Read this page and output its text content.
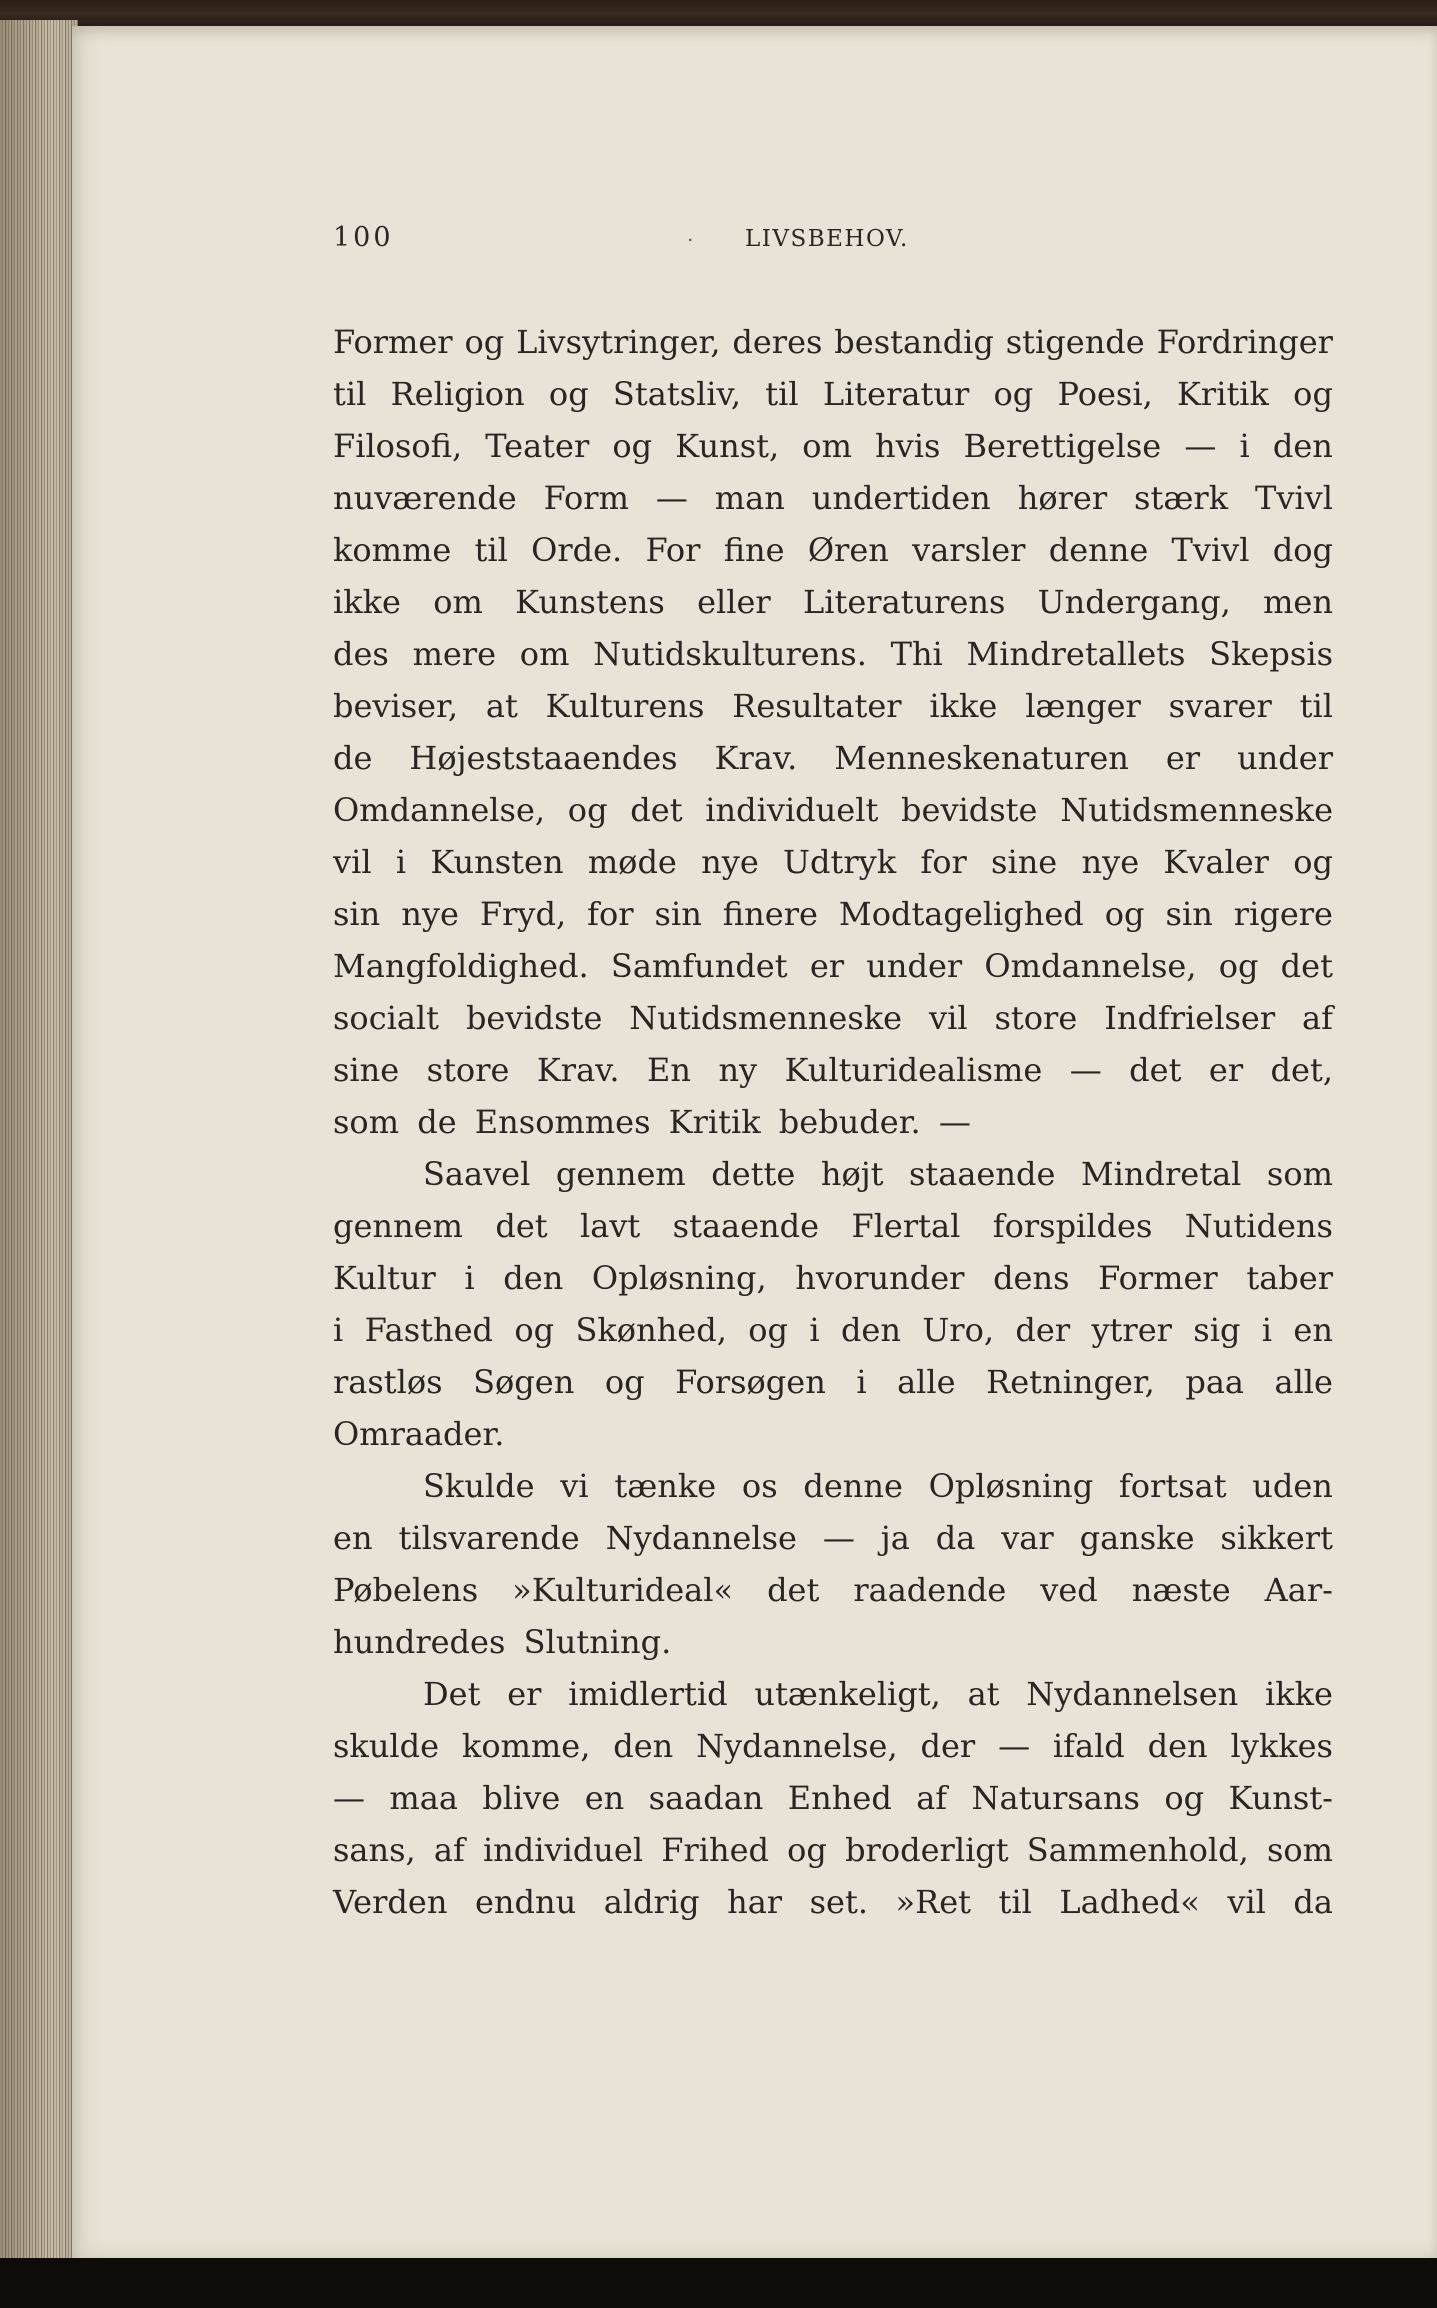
100	. LIVSBEHOV.
Former og Livsytringer, deres bestandig stigende Fordringer
til Religion og Statsliv, til Literatur og Poesi, Kritik og
Filosofi, Teater og Kunst, om hvis Berettigelse — i den
nuværende Form — man undertiden hører stærk Tvivl
komme til Orde. For fine Øren varsler denne Tvivl dog
ikke om Kunstens eller Literaturens Undergang, men
des mere om Nutidskulturens. Thi Mindretallets Skepsis
beviser, at Kulturens Resultater ikke længer svarer til
de Højeststaaendes Krav. Menneskenaturen er under
Omdannelse, og det individuelt bevidste Nutidsmenneske
vil i Kunsten møde nye Udtryk for sine nye Kvaler og
sin nye Fryd, for sin finere Modtagelighed og sin rigere
Mangfoldighed. Samfundet er under Omdannelse, og det
socialt bevidste Nutidsmenneske vil store Indfrielser af
sine store Krav. En ny Kulturidealisme — det er det,
som de Ensommes Kritik bebuder. —
Saavel gennem dette højt staaende Mindretal som
gennem det lavt staaende Flertal forspildes Nutidens
Kultur i den Opløsning, hvorunder dens Former taber
i Fasthed og Skønhed, og i den Uro, der ytrer sig i en
rastløs Søgen og Forsøgen i alle Retninger, paa alle
Omraader.
Skulde vi tænke os denne Opløsning fortsat uden
en tilsvarende Nydannelse — ja da var ganske sikkert
Pøbelens »Kulturideal« det raadende ved næste Aar-
hundredes Slutning.
Det er imidlertid utænkeligt, at Nydannelsen ikke
skulde komme, den Nydannelse, der — ifald den lykkes
— maa blive en saadan Enhed af Natursans og Kunst-
sans, af individuel Frihed og broderligt Sammenhold, som
Verden endnu aldrig har set. »Ret til Ladhed« vil da
